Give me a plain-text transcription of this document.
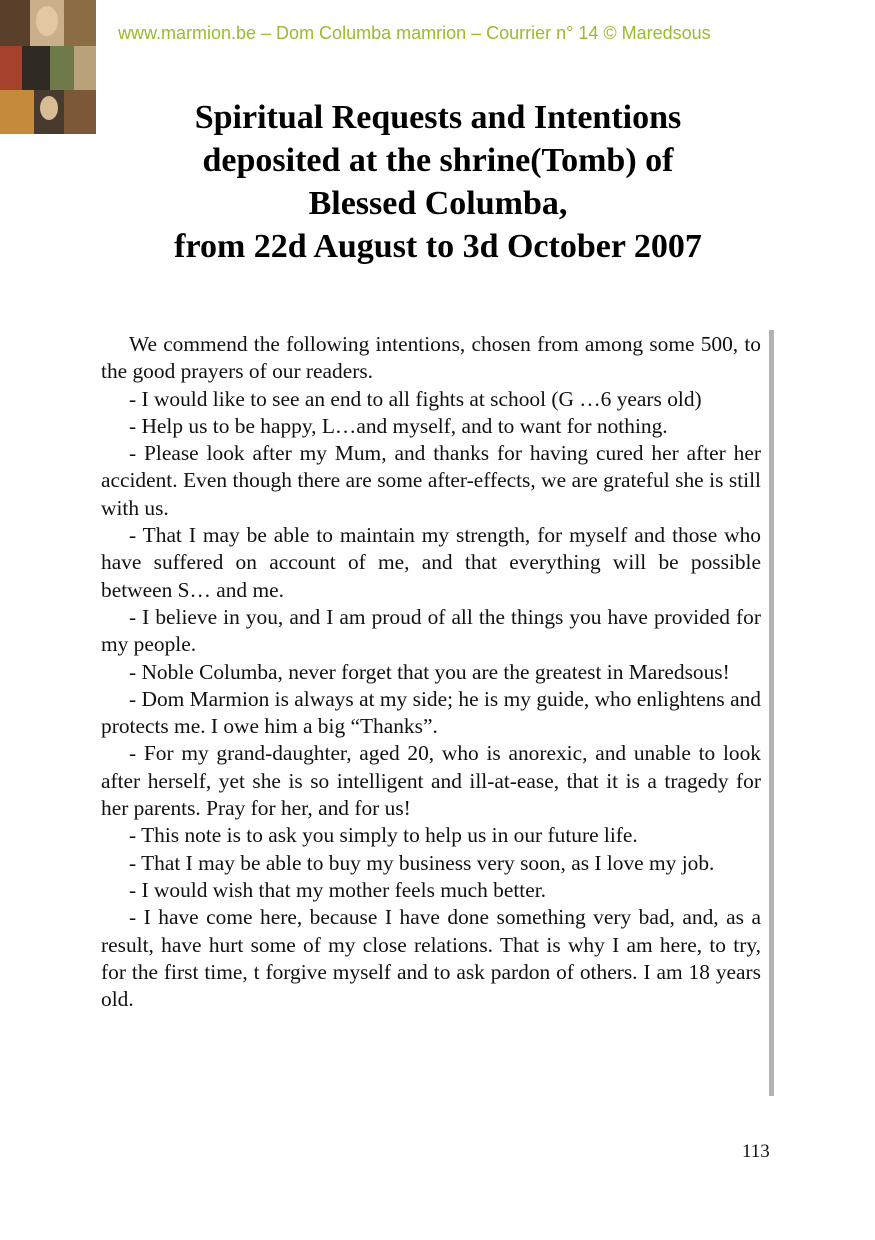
www.marmion.be – Dom Columba mamrion – Courrier n° 14 © Maredsous
Spiritual Requests and Intentions
deposited at the shrine(Tomb) of
Blessed Columba,
from 22d August to 3d October 2007

We commend the following intentions, chosen from among some 500, to the good prayers of our readers.

- I would like to see an end to all fights at school (G …6 years old)

- Help us to be happy, L…and myself, and to want for nothing.

- Please look after my Mum, and thanks for having cured her after her accident. Even though there are some after-effects, we are grateful she is still with us.

- That I may be able to maintain my strength, for myself and those who have suffered on account of me, and that everything will be possible between S… and me.

- I believe in you, and I am proud of all the things you have provided for my people.

- Noble Columba, never forget that you are the greatest in Maredsous!

- Dom Marmion is always at my side; he is my guide, who enlightens and protects me. I owe him a big “Thanks”.

- For my grand-daughter, aged 20, who is anorexic, and unable to look after herself, yet she is so intelligent and ill-at-ease, that it is a tragedy for her parents. Pray for her, and for us!

- This note is to ask you simply to help us in our future life.

- That I may be able to buy my business very soon, as I love my job.

- I would wish that my mother feels much better.

- I have come here, because I have done something very bad, and, as a result, have hurt some of my close relations. That is why I am here, to try, for the first time, t forgive myself and to ask pardon of others. I am 18 years old.

113
